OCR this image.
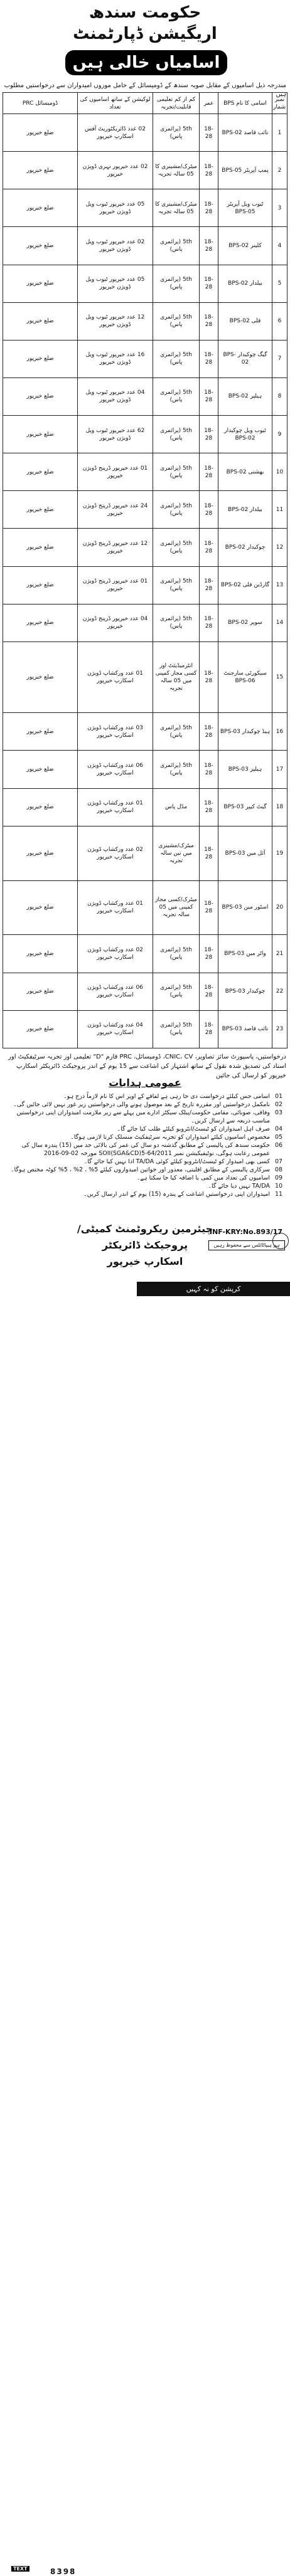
حکومت سندھ
اریگیشن ڈپارٹمنٹ
اسامیاں خالی ہیں
مندرجہ ذیل اسامیوں کے مقابل صوبہ سندھ کے ڈومیسائل کے حامل موزوں امیدواران سے درخواستیں مطلوب ہیں
نمبر شمار	اسامی کا نام BPS	عمر	کم از کم تعلیمی قابلیت/تجربہ	لوکیشن کے ساتھ اسامیوں کی تعداد	ڈومیسائل PRC
1	نائب قاصد BPS-02	18-28	5th (پرائمری پاس)	02 عدد ڈائریکٹوریٹ آفس اسکارپ خیرپور	ضلع خیرپور
2	پمپ آپریٹر BPS-05	18-28	میٹرک/مشینری کا 05 سالہ تجربہ	02 عدد خیرپور نہری ڈویژن خیرپور	ضلع خیرپور
3	ٹیوب ویل آپریٹر BPS-05	18-28	میٹرک/مشینری کا 05 سالہ تجربہ	05 عدد خیرپور ٹیوب ویل ڈویژن خیرپور	ضلع خیرپور
4	کلینر BPS-02	18-28	5th (پرائمری پاس)	02 عدد خیرپور ٹیوب ویل ڈویژن خیرپور	ضلع خیرپور
5	بیلدار BPS-02	18-28	5th (پرائمری پاس)	05 عدد خیرپور ٹیوب ویل ڈویژن خیرپور	ضلع خیرپور
6	قلی BPS-02	18-28	5th (پرائمری پاس)	12 عدد خیرپور ٹیوب ویل ڈویژن خیرپور	ضلع خیرپور
7	گیگ چوکیدار BPS-02	18-28	5th (پرائمری پاس)	16 عدد خیرپور ٹیوب ویل ڈویژن خیرپور	ضلع خیرپور
8	ہیلپر BPS-02	18-28	5th (پرائمری پاس)	04 عدد خیرپور ٹیوب ویل ڈویژن خیرپور	ضلع خیرپور
9	ٹیوب ویل چوکیدار BPS-02	18-28	5th (پرائمری پاس)	62 عدد خیرپور ٹیوب ویل ڈویژن خیرپور	ضلع خیرپور
10	بھشتی BPS-02	18-28	5th (پرائمری پاس)	01 عدد خیرپور ڈرینج ڈویژن خیرپور	ضلع خیرپور
11	بیلدار BPS-02	18-28	5th (پرائمری پاس)	24 عدد خیرپور ڈرینج ڈویژن خیرپور	ضلع خیرپور
12	چوکیدار BPS-02	18-28	5th (پرائمری پاس)	12 عدد خیرپور ڈرینج ڈویژن خیرپور	ضلع خیرپور
13	گارڈین قلی BPS-02	18-28	5th (پرائمری پاس)	01 عدد خیرپور ڈرینج ڈویژن خیرپور	ضلع خیرپور
14	سوپر BPS-02	18-28	5th (پرائمری پاس)	04 عدد خیرپور ڈرینج ڈویژن خیرپور	ضلع خیرپور
15	سیکورٹی سارجنٹ BPS-06	18-28	انٹرمیڈیئٹ اور کسی مجاز کمپنی میں 05 سالہ تجربہ	01 عدد ورکشاپ ڈویژن اسکارپ خیرپور	ضلع خیرپور
16	ہیڈ چوکیدار BPS-03	18-28	5th (پرائمری پاس)	03 عدد ورکشاپ ڈویژن اسکارپ خیرپور	ضلع خیرپور
17	ہیلپر BPS-03	18-28	5th (پرائمری پاس)	06 عدد ورکشاپ ڈویژن اسکارپ خیرپور	ضلع خیرپور
18	گیٹ کیپر BPS-03	18-28	مڈل پاس	01 عدد ورکشاپ ڈویژن اسکارپ خیرپور	ضلع خیرپور
19	آئل مین BPS-03	18-28	میٹرک/مشینری میں تین سالہ تجربہ	02 عدد ورکشاپ ڈویژن اسکارپ خیرپور	ضلع خیرپور
20	اسٹور مین BPS-03	18-28	میٹرک/کسی مجاز کمپنی میں 05 سالہ تجربہ	01 عدد ورکشاپ ڈویژن اسکارپ خیرپور	ضلع خیرپور
21	واٹر مین BPS-03	18-28	5th (پرائمری پاس)	02 عدد ورکشاپ ڈویژن اسکارپ خیرپور	ضلع خیرپور
22	چوکیدار BPS-03	18-28	5th (پرائمری پاس)	06 عدد ورکشاپ ڈویژن اسکارپ خیرپور	ضلع خیرپور
23	نائب قاصد BPS-03	18-28	5th (پرائمری پاس)	04 عدد ورکشاپ ڈویژن اسکارپ خیرپور	ضلع خیرپور
درخواستیں، پاسپورٹ سائز تصاویر، CNIC، CV، ڈومیسائل، PRC فارم "D" تعلیمی اور تجربہ سرٹیفکیٹ اور اسناد کی تصدیق شدہ نقول کے ساتھ اشتہار کی اشاعت سے 15 یوم کے اندر پروجیکٹ ڈائریکٹر اسکارپ خیرپور کو ارسال کی جائیں
عمومی ہدایات
01
اسامی جس کیلئے درخواست دی جا رہی ہے لفافے کے اوپر اس کا نام لازماً درج ہو۔
02
نامکمل درخواستیں اور مقررہ تاریخ کے بعد موصول ہونے والی درخواستیں زیر غور نہیں لائی جائیں گی۔
03
وفاقی، صوبائی، مقامی حکومت/پبلک سیکٹر ادارے میں پہلے سے زیر ملازمت امیدواران اپنی درخواستیں مناسب ذریعہ سے ارسال کریں۔
04
صرف اہل امیدواران کو ٹیسٹ/انٹرویو کیلئے طلب کیا جائے گا۔
05
مخصوص اسامیوں کیلئے امیدواران کو تجربہ سرٹیفکیٹ منسلک کرنا لازمی ہوگا۔
06
حکومت سندھ کی پالیسی کے مطابق گذشتہ دو سال کی عمر کی بالائی حد میں (15) پندرہ سال کی عمومی رعایت ہوگی، نوٹیفیکیشن نمبر SOII(SGA&CD)5-64/2011 مورخہ 02-09-2016
07
کسی بھی امیدوار کو ٹیسٹ/انٹرویو کیلئے کوئی TA/DA ادا نہیں کیا جائے گا۔
08
سرکاری پالیسی کے مطابق اقلیتی، معذور اور خواتین امیدواروں کیلئے 5% ، 2% ، 5% کوٹہ مختص ہوگا۔
09
اسامیوں کی تعداد میں کمی یا اضافہ کیا جا سکتا ہے۔
10
TA/DA نہیں دیا جائے گا۔
11
امیدواران اپنی درخواستیں اشاعت کے پندرہ (15) یوم کے اندر ارسال کریں۔
چیئرمین ریکروٹمنٹ کمیٹی/
پروجیکٹ ڈائریکٹر
اسکارپ خیرپور
INF-KRY:No.893/17
ہم ہیپاٹائٹس سے محفوظ رہیں
TEXT	8398
کرپشن کو نہ کہیں
